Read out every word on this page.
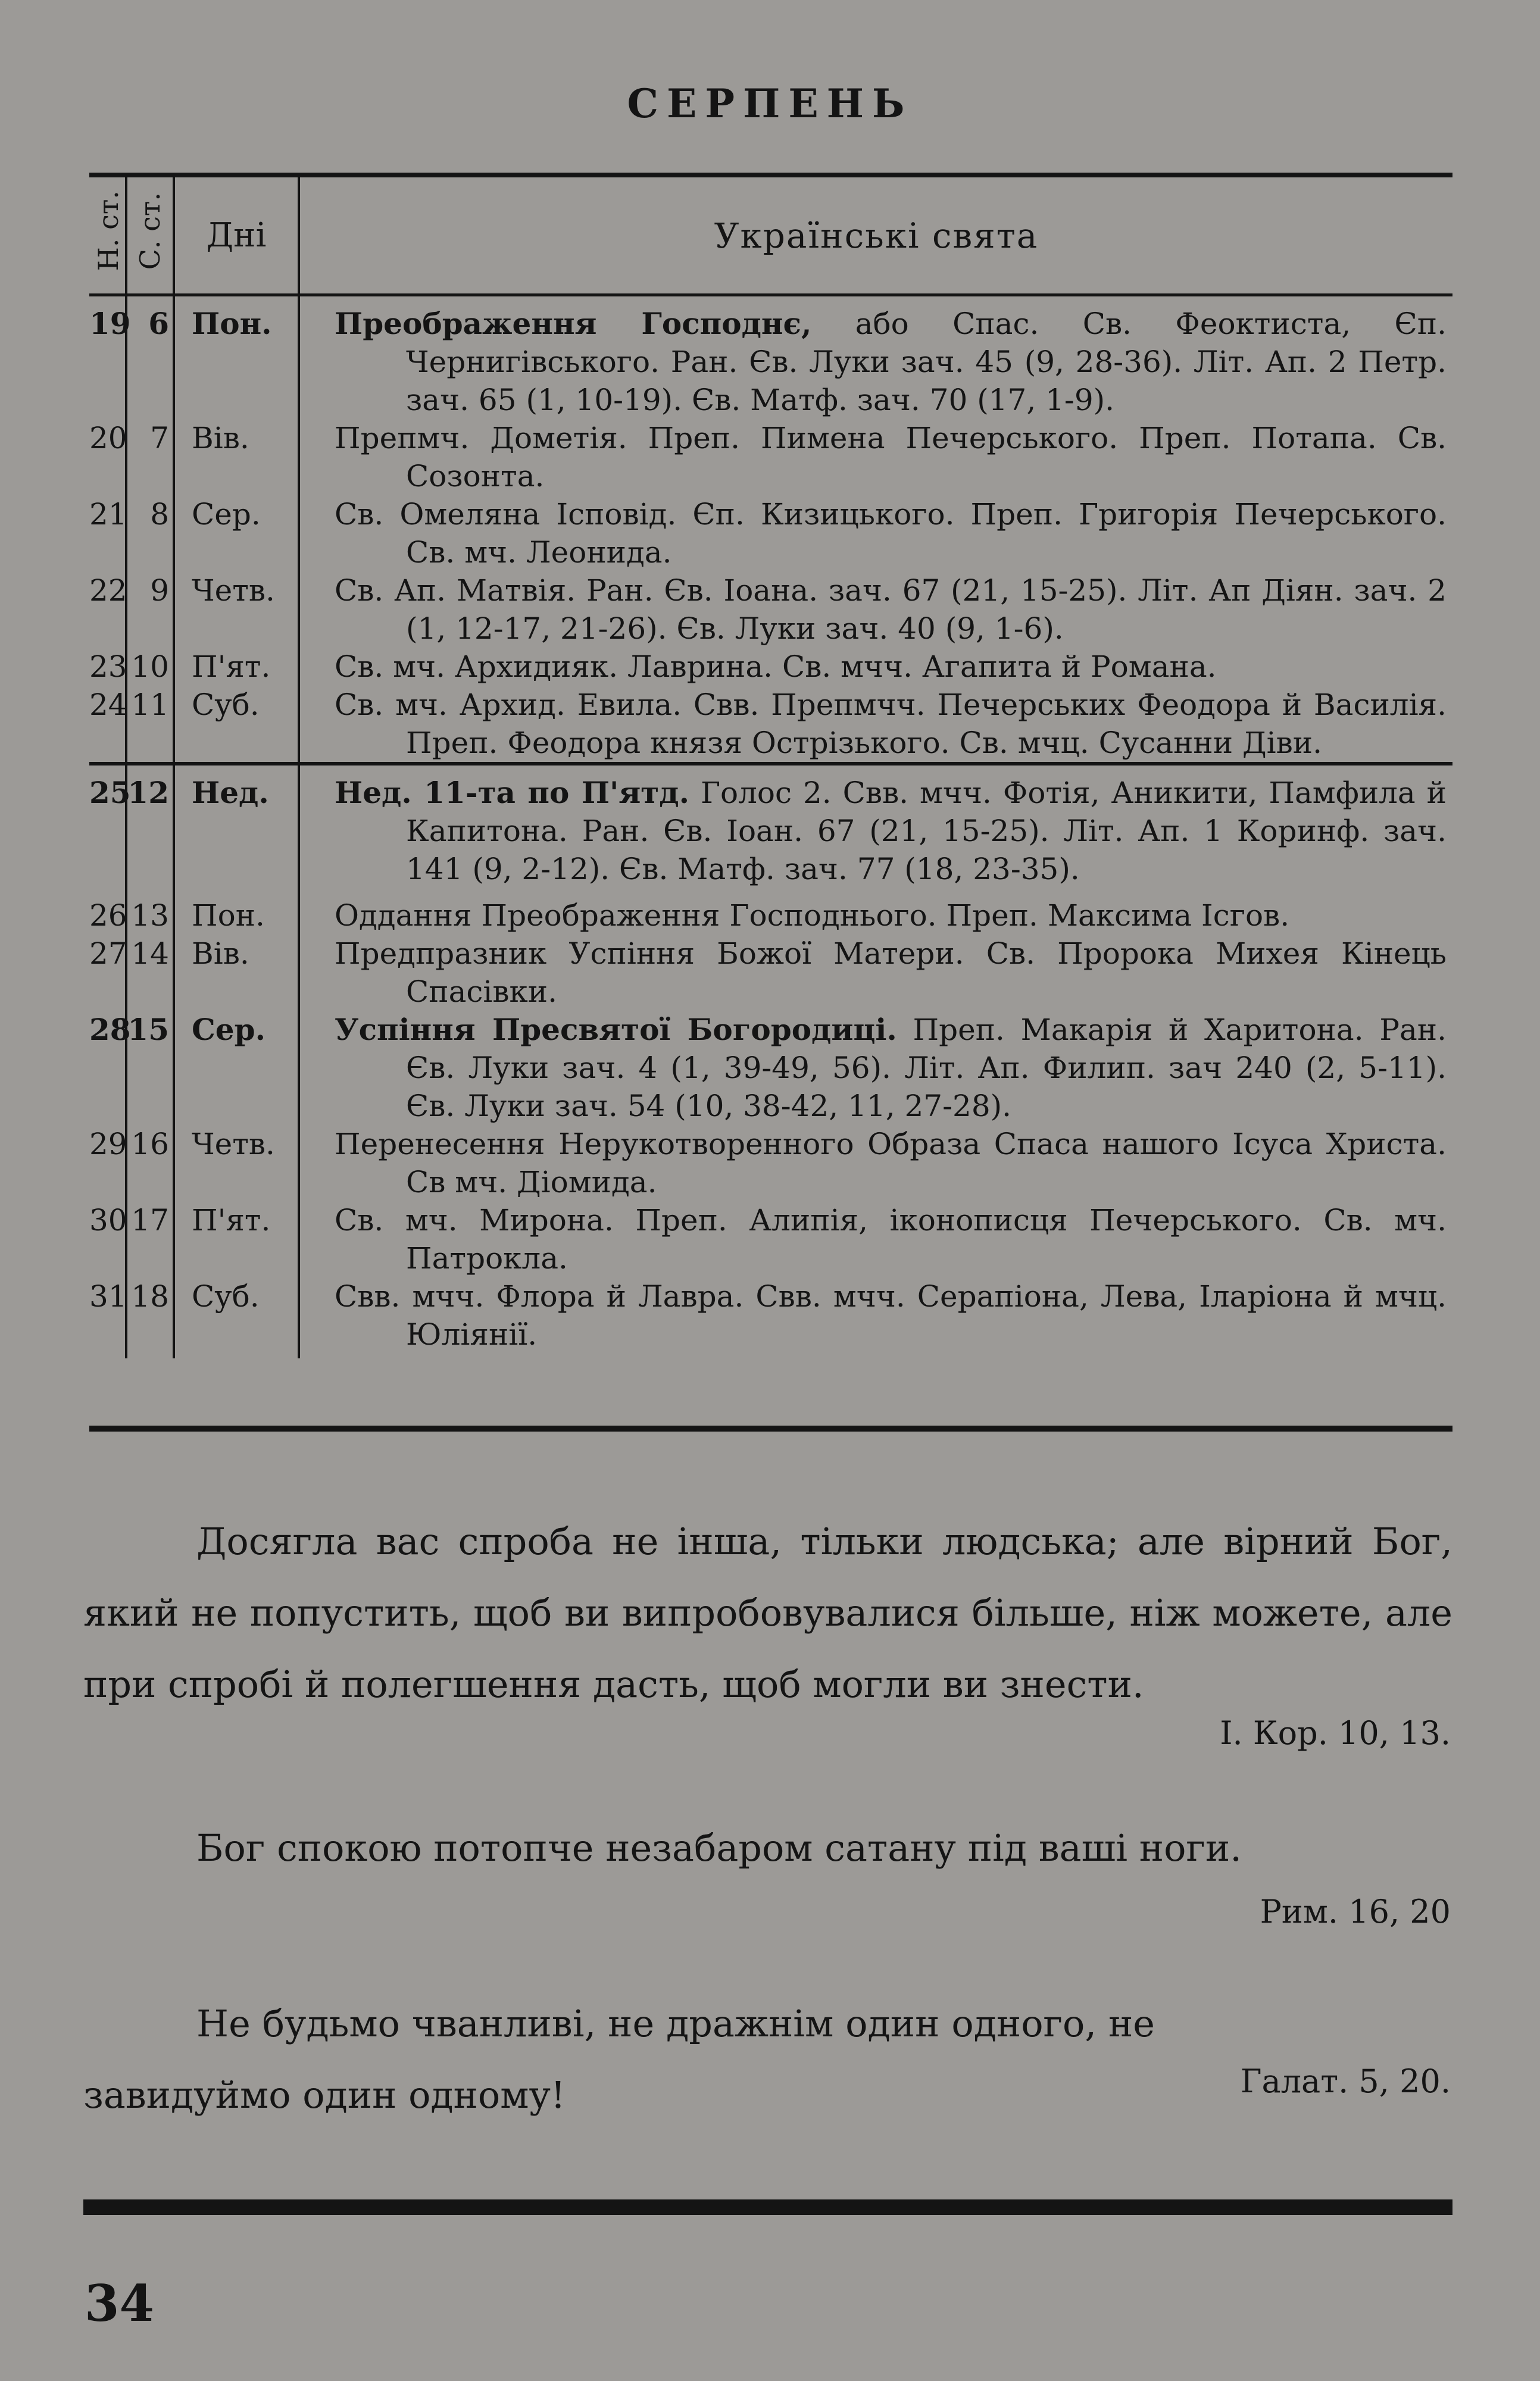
СЕРПЕНЬ
Н. ст.	С. ст.	Дні	Українські свята
19	6	Пон.	Преображення Господнє, або Спас. Св. Феоктиста, Єп. Чернигівського. Ран. Єв. Луки зач. 45 (9, 28-36). Літ. Ап. 2 Петр. зач. 65 (1, 10-19). Єв. Матф. зач. 70 (17, 1-9).

20	7	Вів.	Препмч. Дометія. Преп. Пимена Печерського. Преп. Потапа. Св. Созонта.

21	8	Сер.	Св. Омеляна Ісповід. Єп. Кизицького. Преп. Григорія Печерського. Св. мч. Леонида.

22	9	Четв.	Св. Ап. Матвія. Ран. Єв. Іоана. зач. 67 (21, 15-25). Літ. Ап Діян. зач. 2 (1, 12-17, 21-26). Єв. Луки зач. 40 (9, 1-6).

23	10	П'ят.	Св. мч. Архидияк. Лаврина. Св. мчч. Агапита й Романа.

24	11	Суб.	Св. мч. Архид. Евила. Свв. Препмчч. Печерських Феодора й Василія. Преп. Феодора князя Острізького. Св. мчц. Сусанни Діви.

25	12	Нед.	Нед. 11-та по П'ятд. Голос 2. Свв. мчч. Фотія, Аникити, Памфила й Капитона. Ран. Єв. Іоан. 67 (21, 15-25). Літ. Ап. 1 Коринф. зач. 141 (9, 2-12). Єв. Матф. зач. 77 (18, 23-35).

26	13	Пон.	Оддання Преображення Господнього. Преп. Максима Ісгов.

27	14	Вів.	Предпразник Успіння Божої Матери. Св. Пророка Михея Кінець Спасівки.

28	15	Сер.	Успіння Пресвятої Богородиці. Преп. Макарія й Харитона. Ран. Єв. Луки зач. 4 (1, 39-49, 56). Літ. Ап. Филип. зач 240 (2, 5-11). Єв. Луки зач. 54 (10, 38-42, 11, 27-28).

29	16	Четв.	Перенесення Нерукотворенного Образа Спаса нашого Ісуса Христа. Св мч. Діомида.

30	17	П'ят.	Св. мч. Мирона. Преп. Алипія, іконописця Печерського. Св. мч. Патрокла.

31	18	Суб.	Свв. мчч. Флора й Лавра. Свв. мчч. Серапіона, Лева, Іларіона й мчц. Юліянії.
Досягла вас спроба не інша, тільки людська; але вірний Бог, який не попустить, щоб ви випробовувалися більше, ніж можете, але при спробі й полегшення дасть, щоб могли ви знести.
І. Кор. 10, 13.
Бог спокою потопче незабаром сатану під ваші ноги.
Рим. 16, 20
Не будьмо чванливі, не дражнім один одного, не завидуймо один одному!	Галат. 5, 20.
34
